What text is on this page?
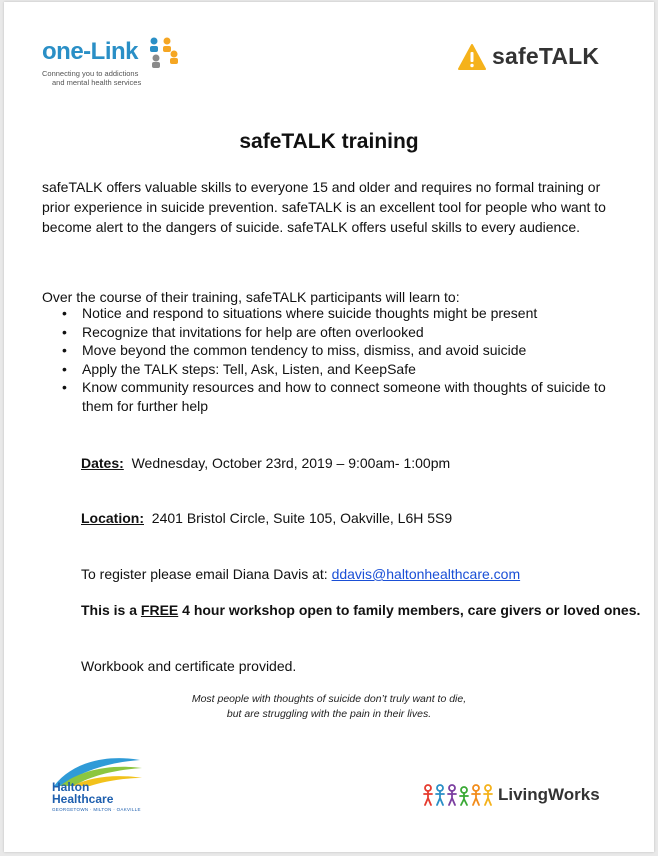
one-Link
Connecting you to addictions
and mental health services
safeTALK
safeTALK training
safeTALK offers valuable skills to everyone 15 and older and requires no formal training or prior experience in suicide prevention. safeTALK is an excellent tool for people who want to become alert to the dangers of suicide. safeTALK offers useful skills to every audience.
Over the course of their training, safeTALK participants will learn to:
• Notice and respond to situations where suicide thoughts might be present
• Recognize that invitations for help are often overlooked
• Move beyond the common tendency to miss, dismiss, and avoid suicide
• Apply the TALK steps: Tell, Ask, Listen, and KeepSafe
• Know community resources and how to connect someone with thoughts of suicide to them for further help
Dates: Wednesday, October 23rd, 2019 – 9:00am- 1:00pm
Location: 2401 Bristol Circle, Suite 105, Oakville, L6H 5S9
To register please email Diana Davis at: ddavis@haltonhealthcare.com
This is a FREE 4 hour workshop open to family members, care givers or loved ones.
Workbook and certificate provided.
Most people with thoughts of suicide don’t truly want to die,
but are struggling with the pain in their lives.
Halton
Healthcare
GEORGETOWN · MILTON · OAKVILLE
LivingWorks
